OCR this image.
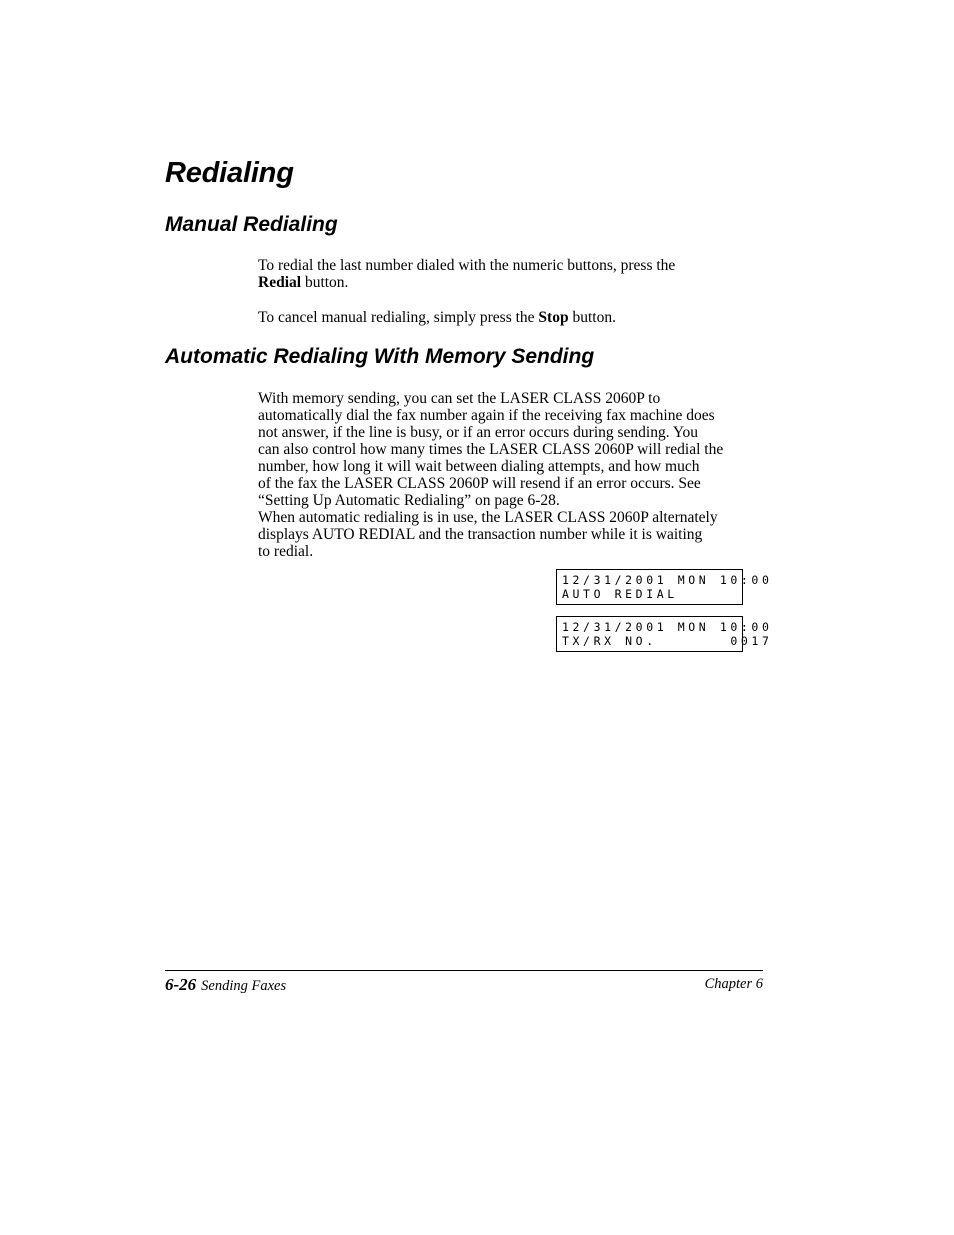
Redialing
Manual Redialing

To redial the last number dialed with the numeric buttons, press the
Redial button.

To cancel manual redialing, simply press the Stop button.

Automatic Redialing With Memory Sending

With memory sending, you can set the LASER CLASS 2060P to
automatically dial the fax number again if the receiving fax machine does
not answer, if the line is busy, or if an error occurs during sending. You
can also control how many times the LASER CLASS 2060P will redial the
number, how long it will wait between dialing attempts, and how much
of the fax the LASER CLASS 2060P will resend if an error occurs. See
“Setting Up Automatic Redialing” on page 6-28.
When automatic redialing is in use, the LASER CLASS 2060P alternately
displays AUTO REDIAL and the transaction number while it is waiting
to redial.

12/31/2001 MON 10:00
AUTO REDIAL
12/31/2001 MON 10:00
TX/RX NO.       0017
6-26 Sending Faxes	Chapter 6
